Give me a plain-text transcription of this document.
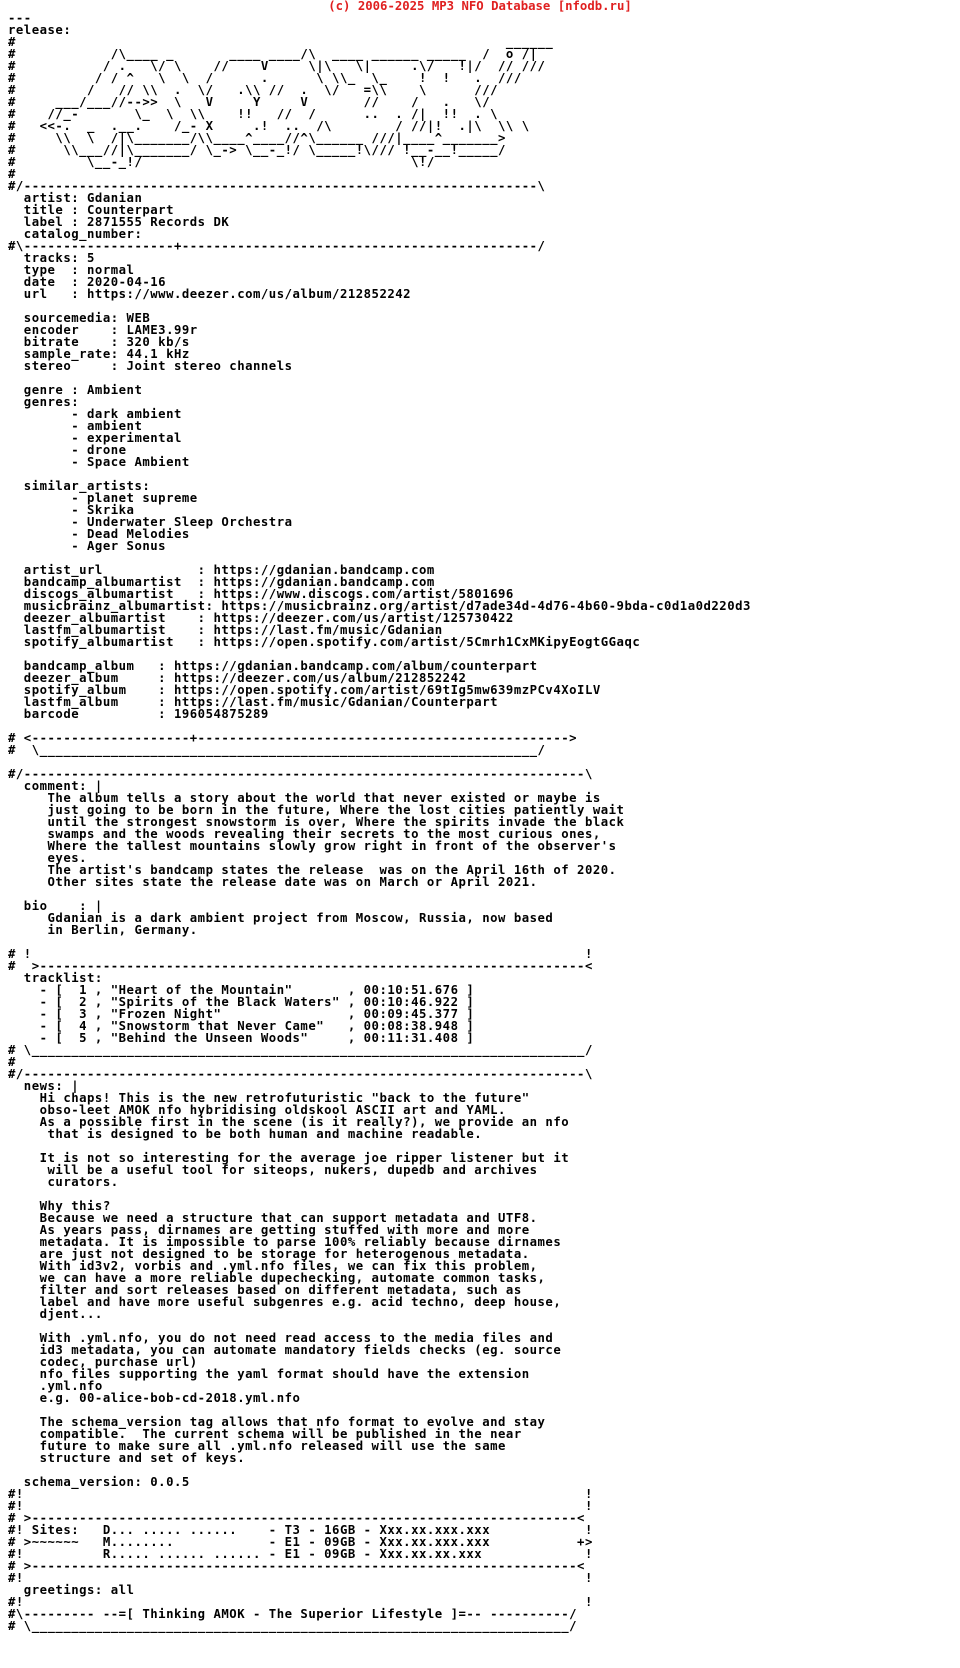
(c) 2006-2025 MP3 NFO Database [nfodb.ru]
---
release:
#                                                              ______
#            /\____ _       ____ ____/\  ____ ______ _____  /  o /|
#           / .   \/ \    //    V     \|\   \|     .\/   !|/  // ///
#          / / ^   \  \  /      .      \ \\_  \_    !  !   .  ///
#         /   // \\  .  \/   .\\ //  .  \/   =\\    \      ///
#     ___/___//-->>  \   V     Y     V       //    /   .   \/
#    //_-       \_  \  \\    !!   //  /      ..  . /|  !!  . \
#   <<-.  _  .__.    /_- X     .!  ..  /\        / //|!  .|\  \\ \
#     \\  \  /|\_______/\\____^____//^\______ ///|____^_______>
#      \\___//|\_______/ \_-> \__-_!/ \_____!\/// !__-__!_____/
#         \__-_!/                                  \!/
#
#/-----------------------------------------------------------------\
artist: Gdanian
title : Counterpart
label : 2871555 Records DK
catalog_number:
#\-------------------+---------------------------------------------/
tracks: 5
type  : normal
date  : 2020-04-16
url   : https://www.deezer.com/us/album/212852242

sourcemedia: WEB
encoder    : LAME3.99r
bitrate    : 320 kb/s
sample_rate: 44.1 kHz
stereo     : Joint stereo channels

genre : Ambient
genres:
- dark ambient
- ambient
- experimental
- drone
- Space Ambient

similar_artists:
- planet supreme
- Skrika
- Underwater Sleep Orchestra
- Dead Melodies
- Ager Sonus

artist_url            : https://gdanian.bandcamp.com
bandcamp_albumartist  : https://gdanian.bandcamp.com
discogs_albumartist   : https://www.discogs.com/artist/5801696
musicbrainz_albumartist: https://musicbrainz.org/artist/d7ade34d-4d76-4b60-9bda-c0d1a0d220d3
deezer_albumartist    : https://deezer.com/us/artist/125730422
lastfm_albumartist    : https://last.fm/music/Gdanian
spotify_albumartist   : https://open.spotify.com/artist/5Cmrh1CxMKipyEogtGGaqc

bandcamp_album   : https://gdanian.bandcamp.com/album/counterpart
deezer_album     : https://deezer.com/us/album/212852242
spotify_album    : https://open.spotify.com/artist/69tIg5mw639mzPCv4XoILV
lastfm_album     : https://last.fm/music/Gdanian/Counterpart
barcode          : 196054875289

# <--------------------+----------------------------------------------->
#  \_______________________________________________________________/

#/-----------------------------------------------------------------------\
comment: |
The album tells a story about the world that never existed or maybe is
just going to be born in the future, Where the lost cities patiently wait
until the strongest snowstorm is over, Where the spirits invade the black
swamps and the woods revealing their secrets to the most curious ones,
Where the tallest mountains slowly grow right in front of the observer's
eyes.
The artist's bandcamp states the release  was on the April 16th of 2020.
Other sites state the release date was on March or April 2021.

bio    : |
Gdanian is a dark ambient project from Moscow, Russia, now based
in Berlin, Germany.

# !                                                                      !
#  >---------------------------------------------------------------------<
tracklist:
- [  1 , "Heart of the Mountain"       , 00:10:51.676 ]
- [  2 , "Spirits of the Black Waters" , 00:10:46.922 ]
- [  3 , "Frozen Night"                , 00:09:45.377 ]
- [  4 , "Snowstorm that Never Came"   , 00:08:38.948 ]
- [  5 , "Behind the Unseen Woods"     , 00:11:31.408 ]
# \______________________________________________________________________/
#
#/-----------------------------------------------------------------------\
news: |
Hi chaps! This is the new retrofuturistic "back to the future"
obso-leet AMOK nfo hybridising oldskool ASCII art and YAML.
As a possible first in the scene (is it really?), we provide an nfo
that is designed to be both human and machine readable.

It is not so interesting for the average joe ripper listener but it
will be a useful tool for siteops, nukers, dupedb and archives
curators.

Why this?
Because we need a structure that can support metadata and UTF8.
As years pass, dirnames are getting stuffed with more and more
metadata. It is impossible to parse 100% reliably because dirnames
are just not designed to be storage for heterogenous metadata.
With id3v2, vorbis and .yml.nfo files, we can fix this problem,
we can have a more reliable dupechecking, automate common tasks,
filter and sort releases based on different metadata, such as
label and have more useful subgenres e.g. acid techno, deep house,
djent...

With .yml.nfo, you do not need read access to the media files and
id3 metadata, you can automate mandatory fields checks (eg. source
codec, purchase url)
nfo files supporting the yaml format should have the extension
.yml.nfo
e.g. 00-alice-bob-cd-2018.yml.nfo

The schema_version tag allows that nfo format to evolve and stay
compatible.  The current schema will be published in the near
future to make sure all .yml.nfo released will use the same
structure and set of keys.

schema_version: 0.0.5
#!                                                                       !
#!                                                                       !
# >---------------------------------------------------------------------<
#! Sites:   D... ..... ......    - T3 - 16GB - Xxx.xx.xxx.xxx            !
# >~~~~~~   M........            - E1 - 09GB - Xxx.xx.xxx.xxx           +>
#!          R..... ...... ...... - E1 - 09GB - Xxx.xx.xx.xxx             !
# >---------------------------------------------------------------------<
#!                                                                       !
greetings: all
#!                                                                       !
#\--------- --=[ Thinking AMOK - The Superior Lifestyle ]=-- ----------/
# \____________________________________________________________________/
